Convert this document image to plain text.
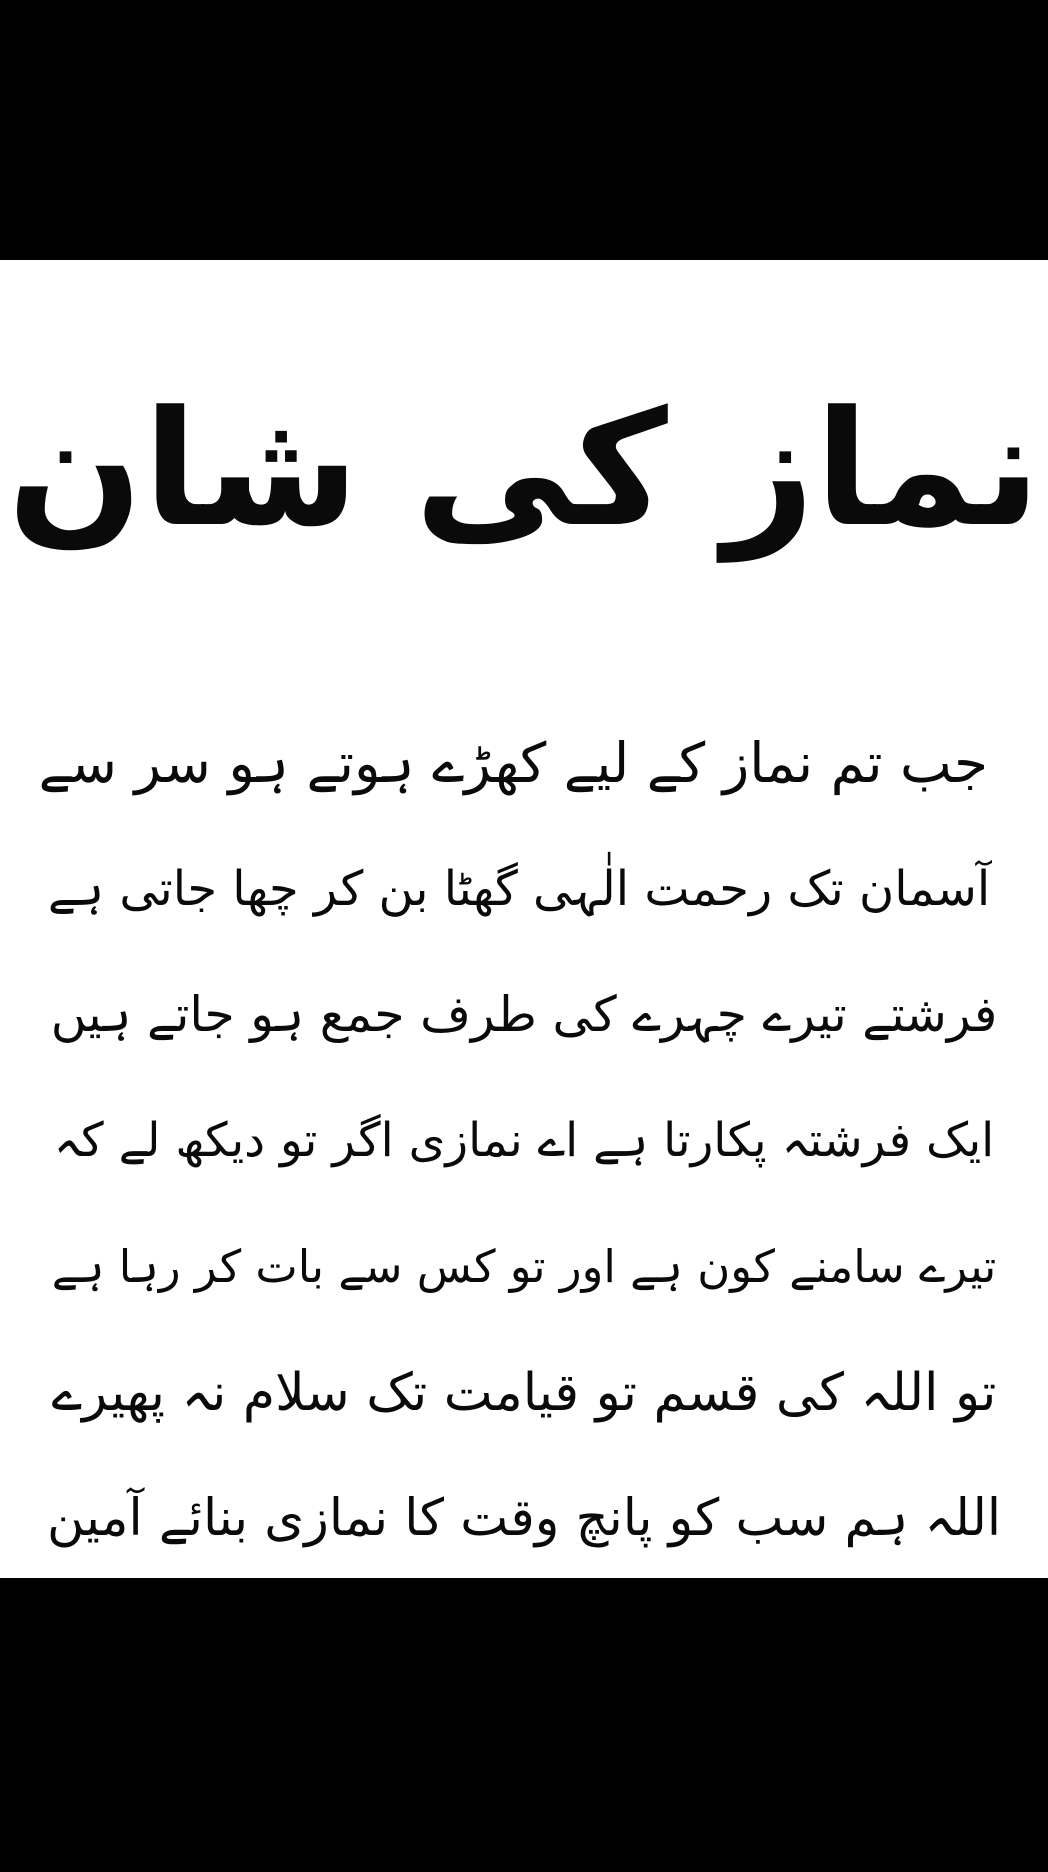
نماز کی شان
جب تم نماز کے لیے کھڑے ہوتے ہو سر سے
آسمان تک رحمت الٰہی گھٹا بن کر چھا جاتی ہے
فرشتے تیرے چہرے کی طرف جمع ہو جاتے ہیں
ایک فرشتہ پکارتا ہے اے نمازی اگر تو دیکھ لے کہ
تیرے سامنے کون ہے اور تو کس سے بات کر رہا ہے
تو اللہ کی قسم تو قیامت تک سلام نہ پھیرے
اللہ ہم سب کو پانچ وقت کا نمازی بنائے آمین
